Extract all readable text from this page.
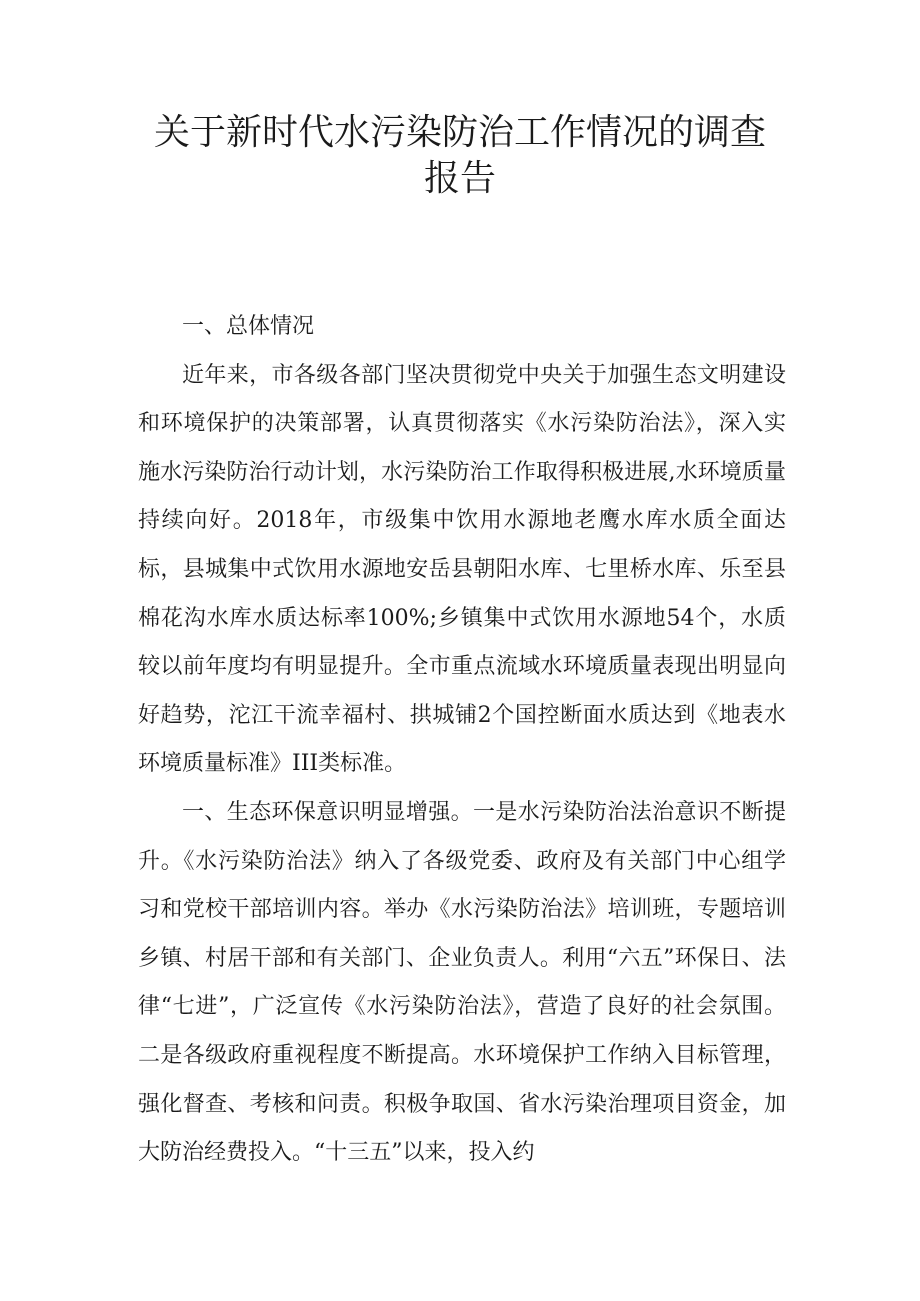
关于新时代水污染防治工作情况的调查报告

一、总体情况

近年来，市各级各部门坚决贯彻党中央关于加强生态文明建设和环境保护的决策部署，认真贯彻落实《水污染防治法》，深入实施水污染防治行动计划，水污染防治工作取得积极进展,水环境质量持续向好。2018年，市级集中饮用水源地老鹰水库水质全面达标，县城集中式饮用水源地安岳县朝阳水库、七里桥水库、乐至县棉花沟水库水质达标率100%;乡镇集中式饮用水源地54个，水质较以前年度均有明显提升。全市重点流域水环境质量表现出明显向好趋势，沱江干流幸福村、拱城铺2个国控断面水质达到《地表水环境质量标准》III类标准。

一、生态环保意识明显增强。一是水污染防治法治意识不断提升。《水污染防治法》纳入了各级党委、政府及有关部门中心组学习和党校干部培训内容。举办《水污染防治法》培训班，专题培训乡镇、村居干部和有关部门、企业负责人。利用“六五”环保日、法律“七进”，广泛宣传《水污染防治法》，营造了良好的社会氛围。二是各级政府重视程度不断提高。水环境保护工作纳入目标管理，强化督查、考核和问责。积极争取国、省水污染治理项目资金，加大防治经费投入。“十三五”以来，投入约
